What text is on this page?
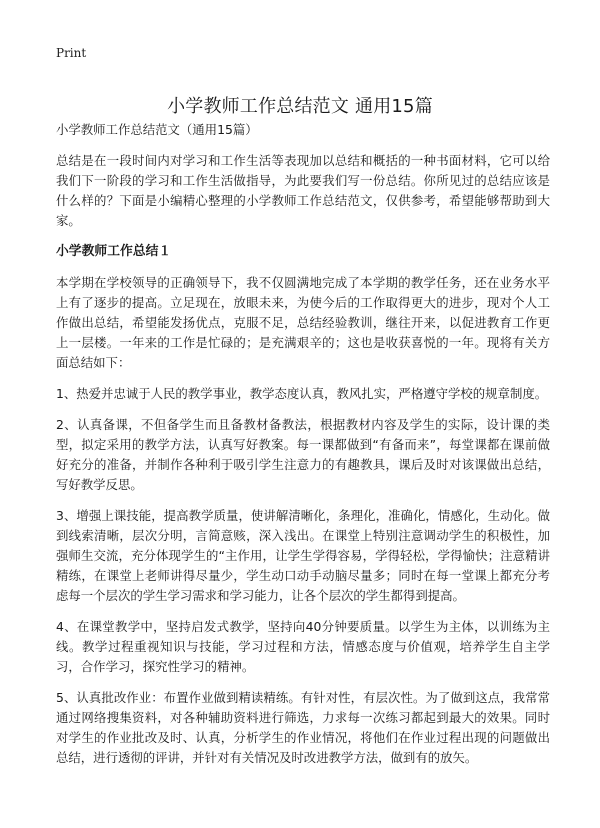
Print
小学教师工作总结范文 通用15篇

小学教师工作总结范文（通用15篇）

总结是在一段时间内对学习和工作生活等表现加以总结和概括的一种书面材料，它可以给我们下一阶段的学习和工作生活做指导，为此要我们写一份总结。你所见过的总结应该是什么样的？下面是小编精心整理的小学教师工作总结范文，仅供参考，希望能够帮助到大家。

小学教师工作总结１

本学期在学校领导的正确领导下，我不仅圆满地完成了本学期的教学任务，还在业务水平上有了逐步的提高。立足现在，放眼未来，为使今后的工作取得更大的进步，现对个人工作做出总结，希望能发扬优点，克服不足，总结经验教训，继往开来，以促进教育工作更上一层楼。一年来的工作是忙碌的；是充满艰辛的；这也是收获喜悦的一年。现将有关方面总结如下：

1、热爱并忠诚于人民的教学事业，教学态度认真，教风扎实，严格遵守学校的规章制度。

2、认真备课，不但备学生而且备教材备教法，根据教材内容及学生的实际，设计课的类型，拟定采用的教学方法，认真写好教案。每一课都做到“有备而来”，每堂课都在课前做好充分的准备，并制作各种利于吸引学生注意力的有趣教具，课后及时对该课做出总结，写好教学反思。

3、增强上课技能，提高教学质量，使讲解清晰化，条理化，准确化，情感化，生动化。做到线索清晰，层次分明，言简意赅，深入浅出。在课堂上特别注意调动学生的积极性，加强师生交流，充分体现学生的“主作用，让学生学得容易，学得轻松，学得愉快；注意精讲精练，在课堂上老师讲得尽量少，学生动口动手动脑尽量多；同时在每一堂课上都充分考虑每一个层次的学生学习需求和学习能力，让各个层次的学生都得到提高。

4、在课堂教学中，坚持启发式教学，坚持向40分钟要质量。以学生为主体，以训练为主线。教学过程重视知识与技能，学习过程和方法，情感态度与价值观，培养学生自主学习，合作学习，探究性学习的精神。

5、认真批改作业：布置作业做到精读精练。有针对性，有层次性。为了做到这点，我常常通过网络搜集资料，对各种辅助资料进行筛选，力求每一次练习都起到最大的效果。同时对学生的作业批改及时、认真，分析学生的作业情况，将他们在作业过程出现的问题做出总结，进行透彻的评讲，并针对有关情况及时改进教学方法，做到有的放矢。
